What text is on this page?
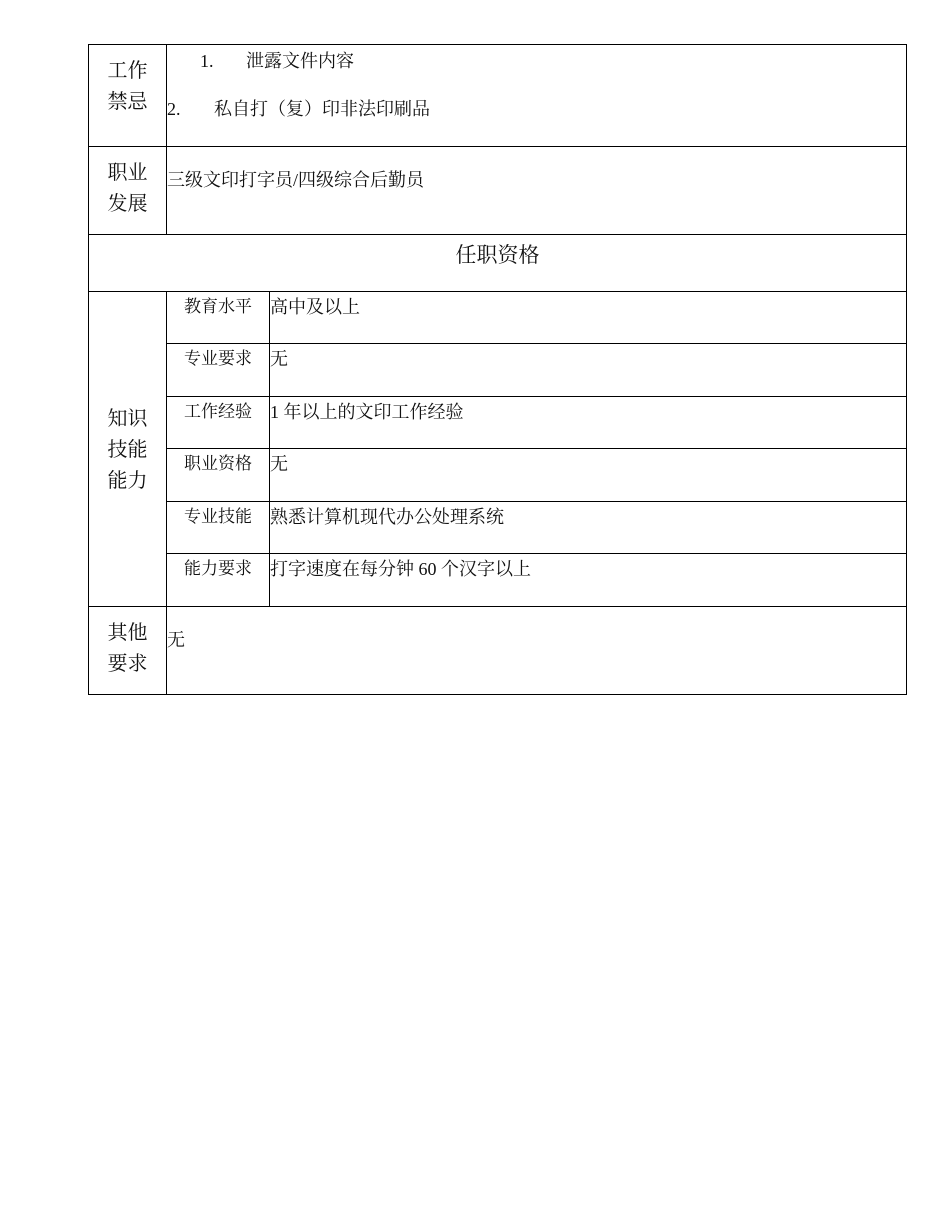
工作禁忌	1. 泄露文件内容
2. 私自打（复）印非法印刷品	

职业发展	三级文印打字员/四级综合后勤员	
任职资格		

知识技能能力	教育水平	高中及以上
	专业要求	无
	工作经验	1 年以上的文印工作经验
	职业资格	无
	专业技能	熟悉计算机现代办公处理系统
	能力要求	打字速度在每分钟 60 个汉字以上

其他要求	无	
